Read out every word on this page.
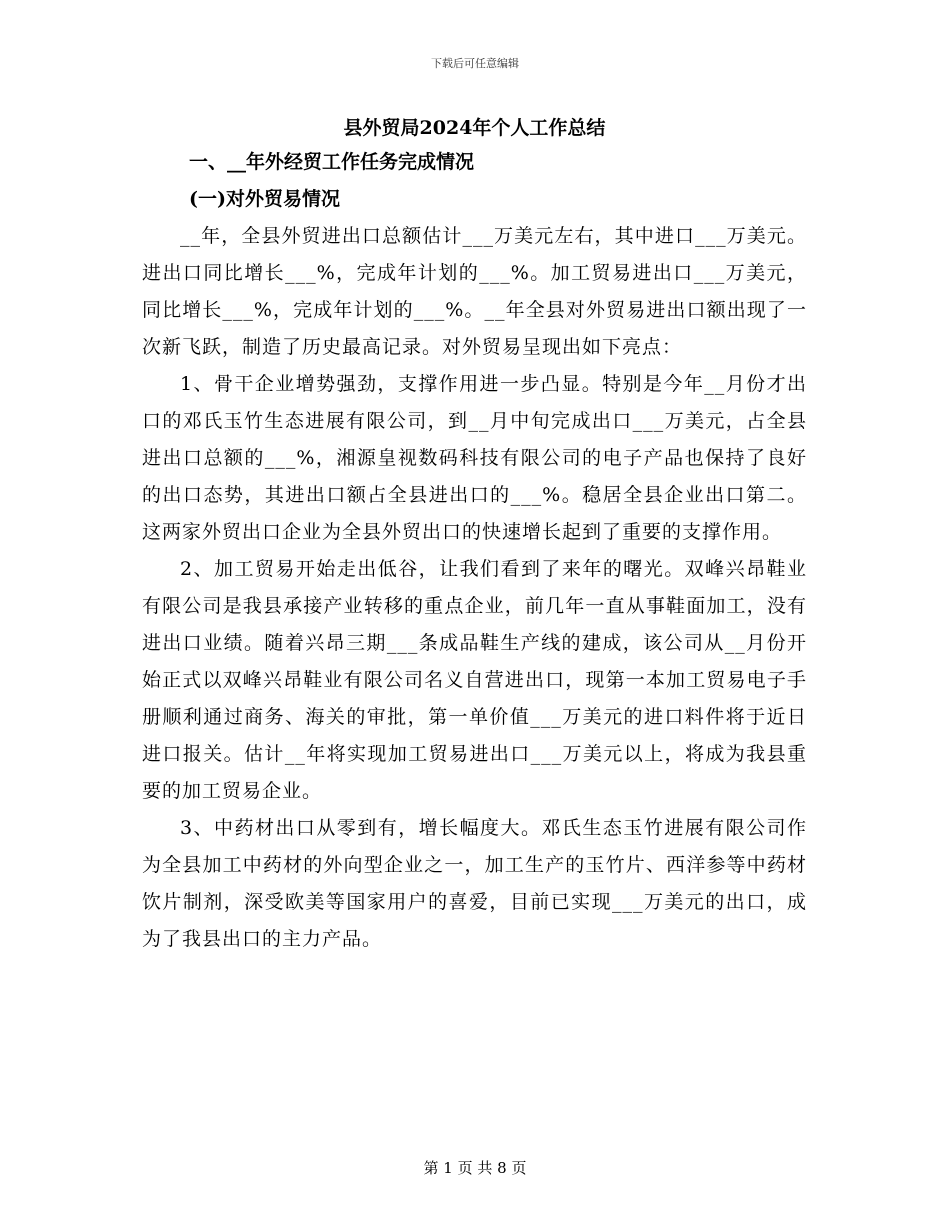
下载后可任意编辑
县外贸局2024年个人工作总结
一、__年外经贸工作任务完成情况
(一)对外贸易情况

__年，全县外贸进出口总额估计___万美元左右，其中进口___万美元。进出口同比增长___%，完成年计划的___%。加工贸易进出口___万美元，同比增长___%，完成年计划的___%。__年全县对外贸易进出口额出现了一次新飞跃，制造了历史最高记录。对外贸易呈现出如下亮点：

1、骨干企业增势强劲，支撑作用进一步凸显。特别是今年__月份才出口的邓氏玉竹生态进展有限公司，到__月中旬完成出口___万美元，占全县进出口总额的___%，湘源皇视数码科技有限公司的电子产品也保持了良好的出口态势，其进出口额占全县进出口的___%。稳居全县企业出口第二。这两家外贸出口企业为全县外贸出口的快速增长起到了重要的支撑作用。

2、加工贸易开始走出低谷，让我们看到了来年的曙光。双峰兴昂鞋业有限公司是我县承接产业转移的重点企业，前几年一直从事鞋面加工，没有进出口业绩。随着兴昂三期___条成品鞋生产线的建成，该公司从__月份开始正式以双峰兴昂鞋业有限公司名义自营进出口，现第一本加工贸易电子手册顺利通过商务、海关的审批，第一单价值___万美元的进口料件将于近日进口报关。估计__年将实现加工贸易进出口___万美元以上，将成为我县重要的加工贸易企业。

3、中药材出口从零到有，增长幅度大。邓氏生态玉竹进展有限公司作为全县加工中药材的外向型企业之一，加工生产的玉竹片、西洋参等中药材饮片制剂，深受欧美等国家用户的喜爱，目前已实现___万美元的出口，成为了我县出口的主力产品。

第 1 页 共 8 页
